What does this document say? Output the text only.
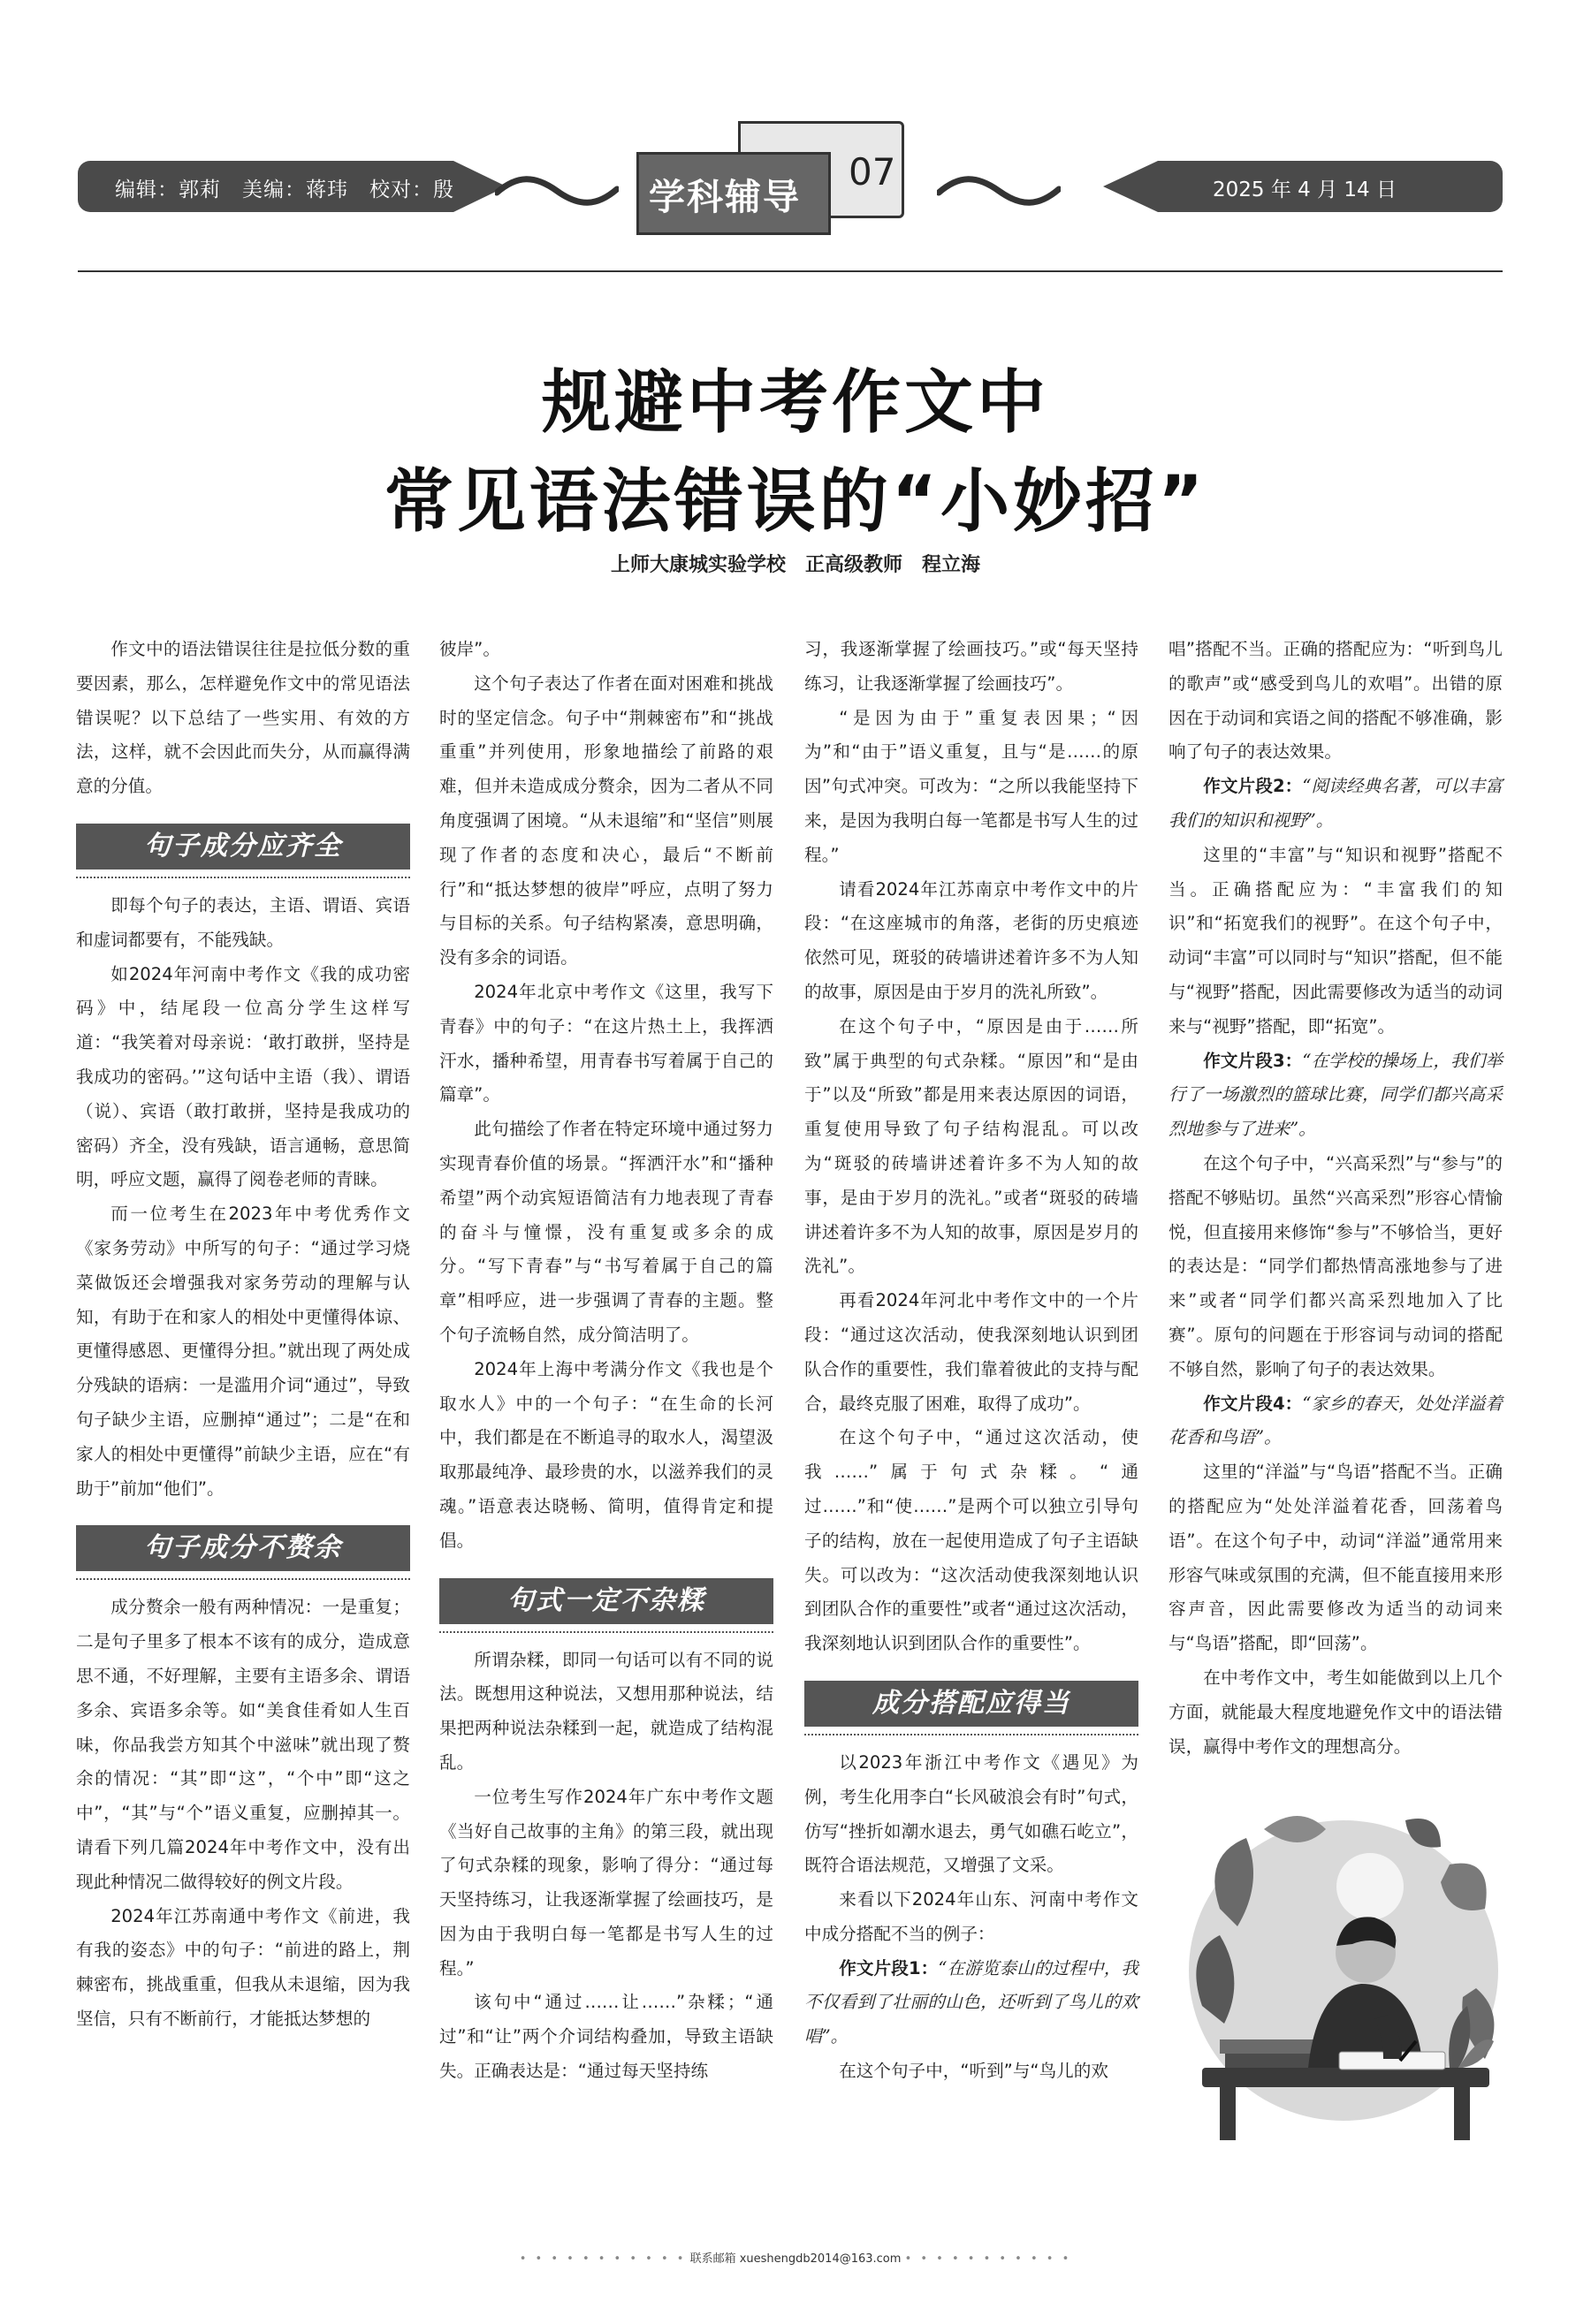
编辑：郭莉　美编：蒋玮　校对：殷姿	学科辅导
07	2025 年 4 月 14 日
规避中考作文中
常见语法错误的“小妙招”
上师大康城实验学校　正高级教师　程立海

作文中的语法错误往往是拉低分数的重要因素，那么，怎样避免作文中的常见语法错误呢？以下总结了一些实用、有效的方法，这样，就不会因此而失分，从而赢得满意的分值。

句子成分应齐全

即每个句子的表达，主语、谓语、宾语和虚词都要有，不能残缺。

如2024年河南中考作文《我的成功密码》中，结尾段一位高分学生这样写道：“我笑着对母亲说：‘敢打敢拼，坚持是我成功的密码。’”这句话中主语（我）、谓语（说）、宾语（敢打敢拼，坚持是我成功的密码）齐全，没有残缺，语言通畅，意思简明，呼应文题，赢得了阅卷老师的青睐。

而一位考生在2023年中考优秀作文《家务劳动》中所写的句子：“通过学习烧菜做饭还会增强我对家务劳动的理解与认知，有助于在和家人的相处中更懂得体谅、更懂得感恩、更懂得分担。”就出现了两处成分残缺的语病：一是滥用介词“通过”，导致句子缺少主语，应删掉“通过”；二是“在和家人的相处中更懂得”前缺少主语，应在“有助于”前加“他们”。

句子成分不赘余

成分赘余一般有两种情况：一是重复；二是句子里多了根本不该有的成分，造成意思不通，不好理解，主要有主语多余、谓语多余、宾语多余等。如“美食佳肴如人生百味，你品我尝方知其个中滋味”就出现了赘余的情况：“其”即“这”，“个中”即“这之中”，“其”与“个”语义重复，应删掉其一。请看下列几篇2024年中考作文中，没有出现此种情况二做得较好的例文片段。

2024年江苏南通中考作文《前进，我有我的姿态》中的句子：“前进的路上，荆棘密布，挑战重重，但我从未退缩，因为我坚信，只有不断前行，才能抵达梦想的

彼岸”。

这个句子表达了作者在面对困难和挑战时的坚定信念。句子中“荆棘密布”和“挑战重重”并列使用，形象地描绘了前路的艰难，但并未造成成分赘余，因为二者从不同角度强调了困境。“从未退缩”和“坚信”则展现了作者的态度和决心，最后“不断前行”和“抵达梦想的彼岸”呼应，点明了努力与目标的关系。句子结构紧凑，意思明确，没有多余的词语。

2024年北京中考作文《这里，我写下青春》中的句子：“在这片热土上，我挥洒汗水，播种希望，用青春书写着属于自己的篇章”。

此句描绘了作者在特定环境中通过努力实现青春价值的场景。“挥洒汗水”和“播种希望”两个动宾短语简洁有力地表现了青春的奋斗与憧憬，没有重复或多余的成分。“写下青春”与“书写着属于自己的篇章”相呼应，进一步强调了青春的主题。整个句子流畅自然，成分简洁明了。

2024年上海中考满分作文《我也是个取水人》中的一个句子：“在生命的长河中，我们都是在不断追寻的取水人，渴望汲取那最纯净、最珍贵的水，以滋养我们的灵魂。”语意表达晓畅、简明，值得肯定和提倡。

句式一定不杂糅

所谓杂糅，即同一句话可以有不同的说法。既想用这种说法，又想用那种说法，结果把两种说法杂糅到一起，就造成了结构混乱。

一位考生写作2024年广东中考作文题《当好自己故事的主角》的第三段，就出现了句式杂糅的现象，影响了得分：“通过每天坚持练习，让我逐渐掌握了绘画技巧，是因为由于我明白每一笔都是书写人生的过程。”

该句中“通过……让……”杂糅；“通过”和“让”两个介词结构叠加，导致主语缺失。正确表达是：“通过每天坚持练

习，我逐渐掌握了绘画技巧。”或“每天坚持练习，让我逐渐掌握了绘画技巧”。

“是因为由于”重复表因果；“因为”和“由于”语义重复，且与“是……的原因”句式冲突。可改为：“之所以我能坚持下来，是因为我明白每一笔都是书写人生的过程。”

请看2024年江苏南京中考作文中的片段：“在这座城市的角落，老街的历史痕迹依然可见，斑驳的砖墙讲述着许多不为人知的故事，原因是由于岁月的洗礼所致”。

在这个句子中，“原因是由于……所致”属于典型的句式杂糅。“原因”和“是由于”以及“所致”都是用来表达原因的词语，重复使用导致了句子结构混乱。可以改为“斑驳的砖墙讲述着许多不为人知的故事，是由于岁月的洗礼。”或者“斑驳的砖墙讲述着许多不为人知的故事，原因是岁月的洗礼”。

再看2024年河北中考作文中的一个片段：“通过这次活动，使我深刻地认识到团队合作的重要性，我们靠着彼此的支持与配合，最终克服了困难，取得了成功”。

在这个句子中，“通过这次活动，使我……”属于句式杂糅。“通过……”和“使……”是两个可以独立引导句子的结构，放在一起使用造成了句子主语缺失。可以改为：“这次活动使我深刻地认识到团队合作的重要性”或者“通过这次活动，我深刻地认识到团队合作的重要性”。

成分搭配应得当

以2023年浙江中考作文《遇见》为例，考生化用李白“长风破浪会有时”句式，仿写“挫折如潮水退去，勇气如礁石屹立”，既符合语法规范，又增强了文采。

来看以下2024年山东、河南中考作文中成分搭配不当的例子：

作文片段1：“在游览泰山的过程中，我不仅看到了壮丽的山色，还听到了鸟儿的欢唱”。

在这个句子中，“听到”与“鸟儿的欢

唱”搭配不当。正确的搭配应为：“听到鸟儿的歌声”或“感受到鸟儿的欢唱”。出错的原因在于动词和宾语之间的搭配不够准确，影响了句子的表达效果。

作文片段2：“阅读经典名著，可以丰富我们的知识和视野”。

这里的“丰富”与“知识和视野”搭配不当。正确搭配应为：“丰富我们的知识”和“拓宽我们的视野”。在这个句子中，动词“丰富”可以同时与“知识”搭配，但不能与“视野”搭配，因此需要修改为适当的动词来与“视野”搭配，即“拓宽”。

作文片段3：“在学校的操场上，我们举行了一场激烈的篮球比赛，同学们都兴高采烈地参与了进来”。

在这个句子中，“兴高采烈”与“参与”的搭配不够贴切。虽然“兴高采烈”形容心情愉悦，但直接用来修饰“参与”不够恰当，更好的表达是：“同学们都热情高涨地参与了进来”或者“同学们都兴高采烈地加入了比赛”。原句的问题在于形容词与动词的搭配不够自然，影响了句子的表达效果。

作文片段4：“家乡的春天，处处洋溢着花香和鸟语”。

这里的“洋溢”与“鸟语”搭配不当。正确的搭配应为“处处洋溢着花香，回荡着鸟语”。在这个句子中，动词“洋溢”通常用来形容气味或氛围的充满，但不能直接用来形容声音，因此需要修改为适当的动词来与“鸟语”搭配，即“回荡”。

在中考作文中，考生如能做到以上几个方面，就能最大程度地避免作文中的语法错误，赢得中考作文的理想高分。

• • • • • • • • • • • 联系邮箱 xueshengdb2014@163.com • • • • • • • • • • •
